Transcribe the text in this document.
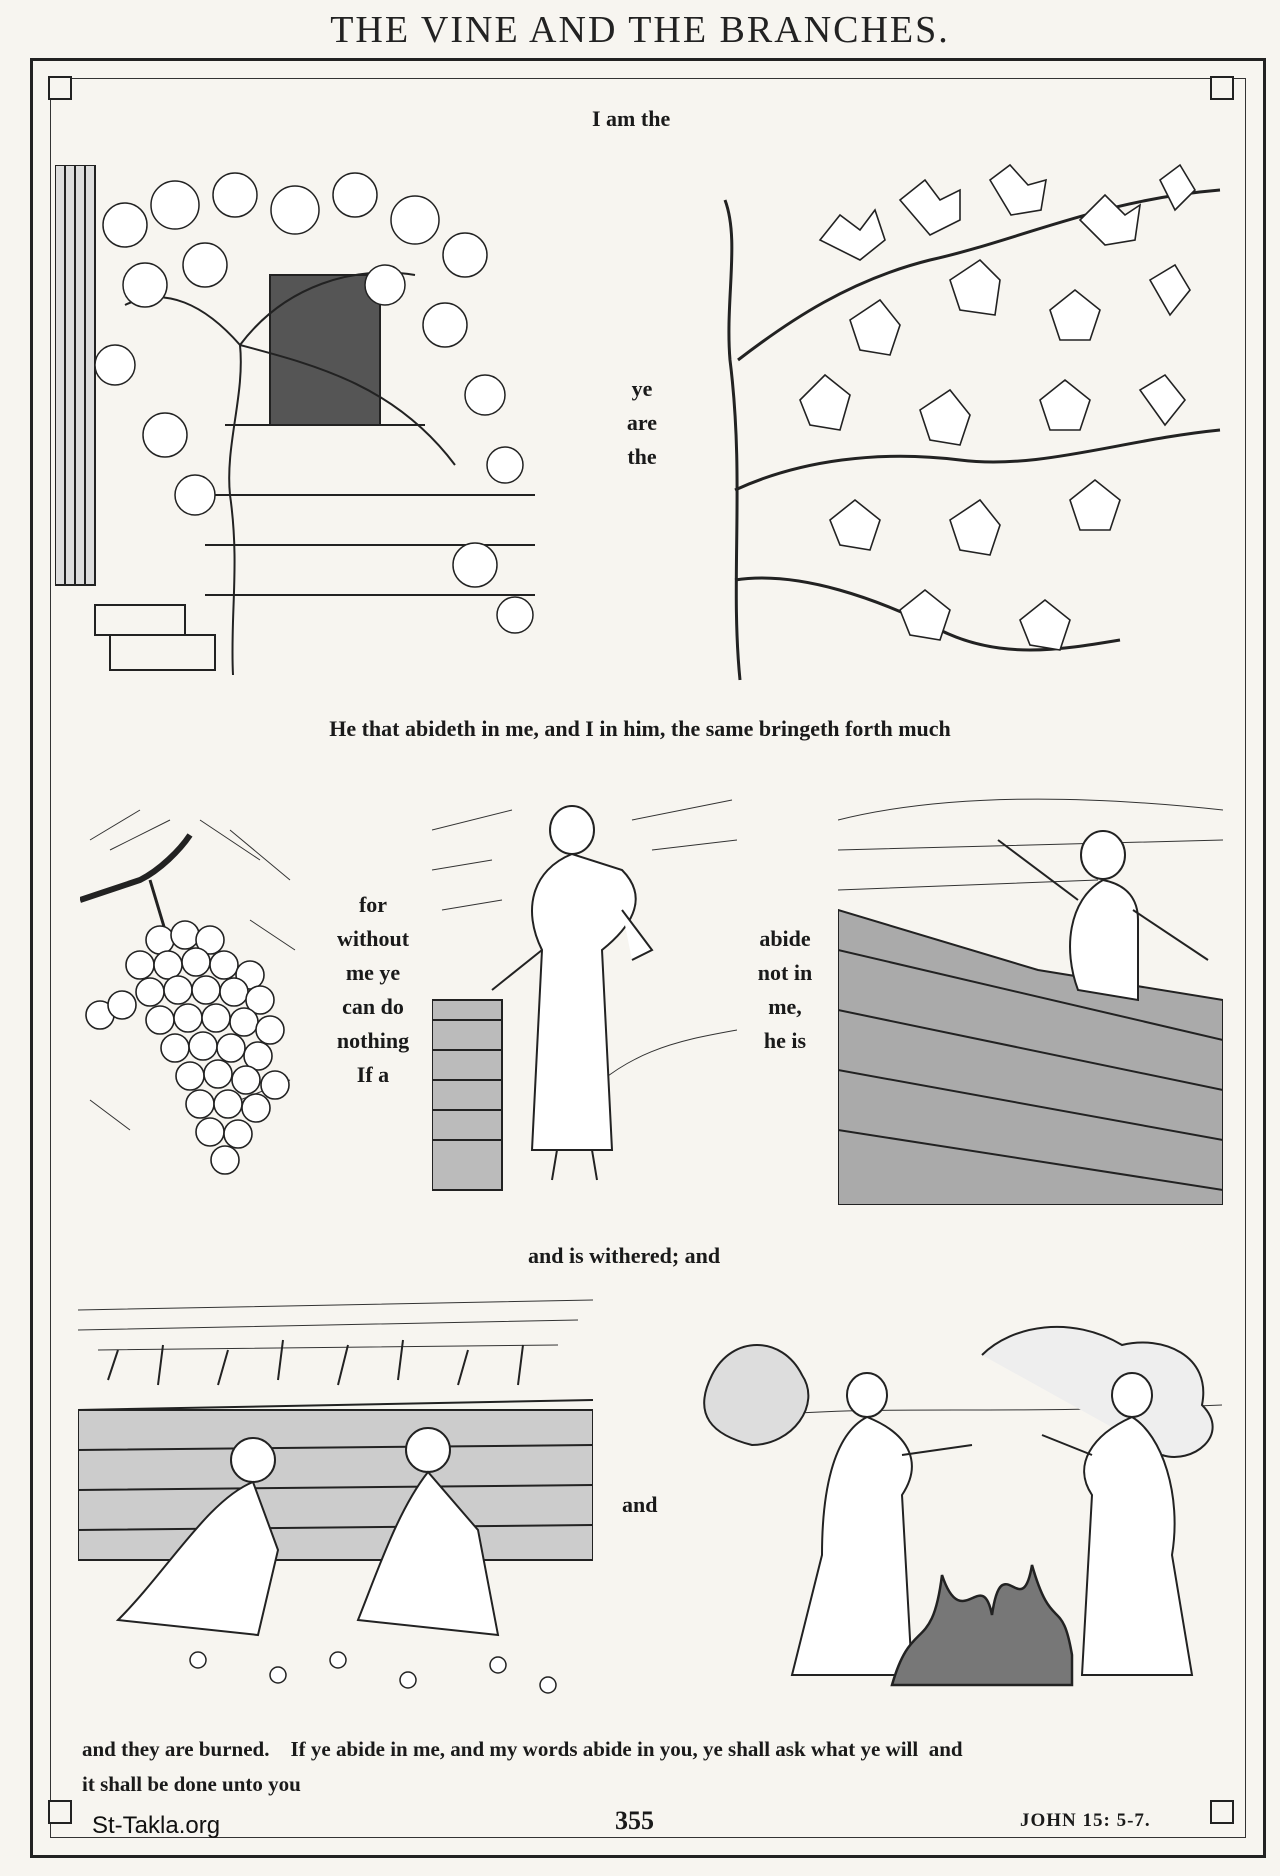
THE VINE AND THE BRANCHES.
I am the
ye
are
the
He that abideth in me, and I in him, the same bringeth forth much
for
without
me ye
can do
nothing
If a
abide
not in
me,
he is
and is withered; and
and
and they are burned.    If ye abide in me, and my words abide in you, ye shall ask what ye will  and
it shall be done unto you
St-Takla.org	355	JOHN 15: 5-7.
